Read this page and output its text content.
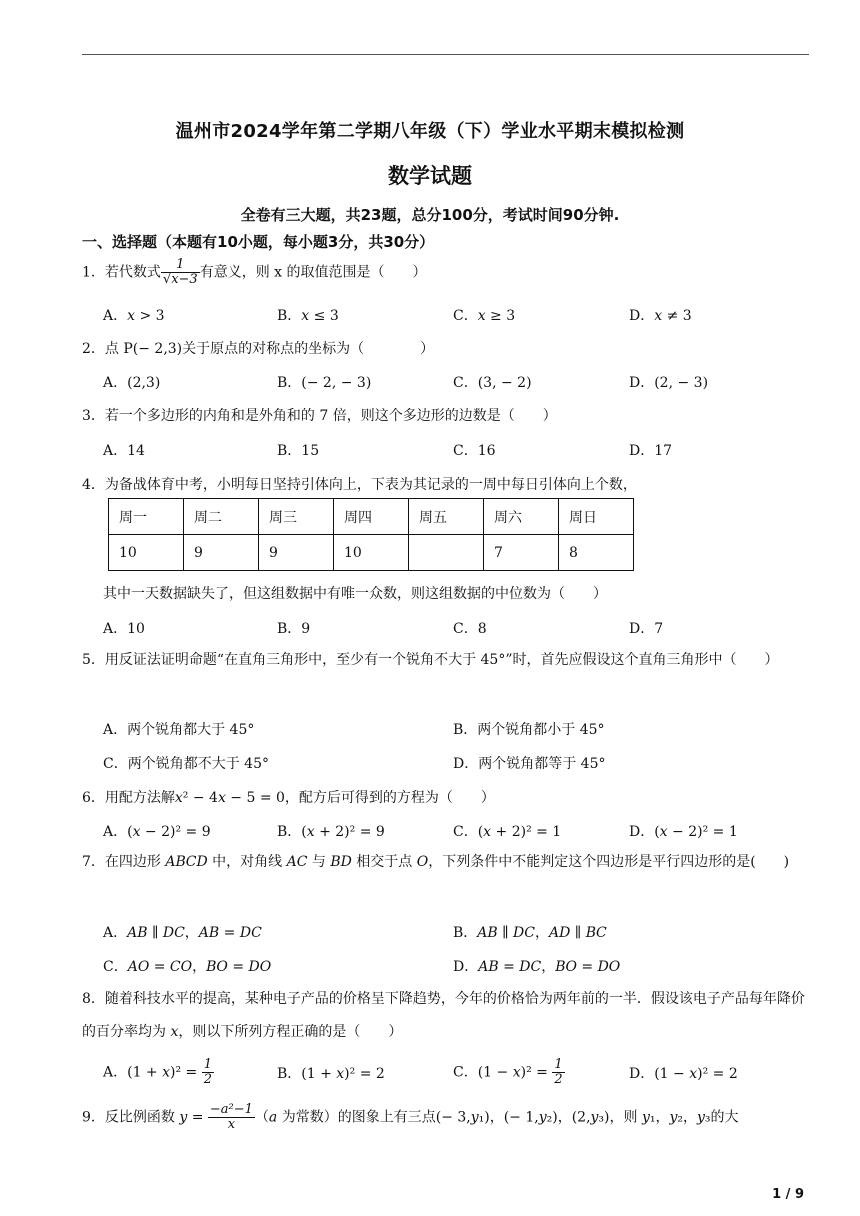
温州市2024学年第二学期八年级（下）学业水平期末模拟检测
数学试题
全卷有三大题，共23题，总分100分，考试时间90分钟.
一、选择题（本题有10小题，每小题3分，共30分）
1．若代数式 $\frac{1}{√x-3}$ 有意义，则 x 的取值范围是（　　）
A．𝑥 > 3	B．𝑥 ≤ 3	C．𝑥 ≥ 3	D．𝑥 ≠ 3
2．点 P(− 2,3)关于原点的对称点的坐标为（　　　　）
A．(2,3)	B．(− 2, − 3)	C．(3, − 2)	D．(2, − 3)
3．若一个多边形的内角和是外角和的 7 倍，则这个多边形的边数是（　　）
A．14	B．15	C．16	D．17
4．为备战体育中考，小明每日坚持引体向上，下表为其记录的一周中每日引体向上个数，
周一	周二	周三	周四	周五	周六	周日
10	9	9	10		7	8
其中一天数据缺失了，但这组数据中有唯一众数，则这组数据的中位数为（　　）
A．10	B．9	C．8	D．7
5．用反证法证明命题“在直角三角形中，至少有一个锐角不大于 45°”时，首先应假设这个直角三角形中（　　）
A．两个锐角都大于 45°	B．两个锐角都小于 45°
C．两个锐角都不大于 45°	D．两个锐角都等于 45°
6．用配方法解𝑥² − 4𝑥 − 5 = 0，配方后可得到的方程为（　　）
A．(𝑥 − 2)² = 9	B．(𝑥 + 2)² = 9	C．(𝑥 + 2)² = 1	D．(𝑥 − 2)² = 1
7．在四边形 𝐴𝐵𝐶𝐷 中，对角线 𝐴𝐶 与 𝐵𝐷 相交于点 𝑂，下列条件中不能判定这个四边形是平行四边形的是(　　)
A．𝐴𝐵 ∥ 𝐷𝐶，𝐴𝐵 = 𝐷𝐶	B．𝐴𝐵 ∥ 𝐷𝐶，𝐴𝐷 ∥ 𝐵𝐶
C．𝐴𝑂 = 𝐶𝑂，𝐵𝑂 = 𝐷𝑂	D．𝐴𝐵 = 𝐷𝐶，𝐵𝑂 = 𝐷𝑂
8．随着科技水平的提高，某种电子产品的价格呈下降趋势，今年的价格恰为两年前的一半．假设该电子产品每年降价的百分率均为 𝑥，则以下所列方程正确的是（　　）
A．(1 + 𝑥)² = $\frac{1}{2}$	B．(1 + 𝑥)² = 2	C．(1 − 𝑥)² = $\frac{1}{2}$	D．(1 − 𝑥)² = 2
9．反比例函数 𝑦 = $\frac{\text{−𝑎²−1}}{\text{𝑥}}$ （𝑎 为常数）的图象上有三点(− 3,𝑦₁)，(− 1,𝑦₂)，(2,𝑦₃)，则 𝑦₁，𝑦₂，𝑦₃的大
1 / 9
